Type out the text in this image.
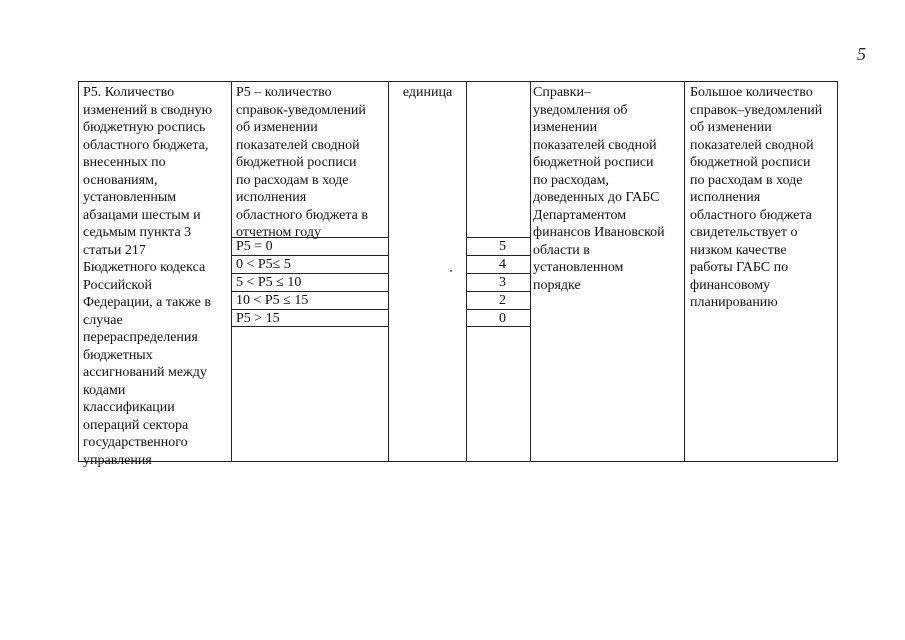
5
Р5. Количество
изменений в сводную
бюджетную роспись
областного бюджета,
внесенных по
основаниям,
установленным
абзацами шестым и
седьмым пункта 3
статьи 217
Бюджетного кодекса
Российской
Федерации, а также в
случае
перераспределения
бюджетных
ассигнований между
кодами
классификации
операций сектора
государственного
управления
Р5 – количество
справок-уведомлений
об изменении
показателей сводной
бюджетной росписи
по расходам в ходе
исполнения
областного бюджета в
отчетном году
Р5 = 0
0 < Р5≤ 5
5 < Р5 ≤ 10
10 < Р5 ≤ 15
Р5 > 15
единица
5
4
3
2
0
Справки–
уведомления об
изменении
показателей сводной
бюджетной росписи
по расходам,
доведенных до ГАБС
Департаментом
финансов Ивановской
области в
установленном
порядке
Большое количество
справок–уведомлений
об изменении
показателей сводной
бюджетной росписи
по расходам в ходе
исполнения
областного бюджета
свидетельствует о
низком качестве
работы ГАБС по
финансовому
планированию
